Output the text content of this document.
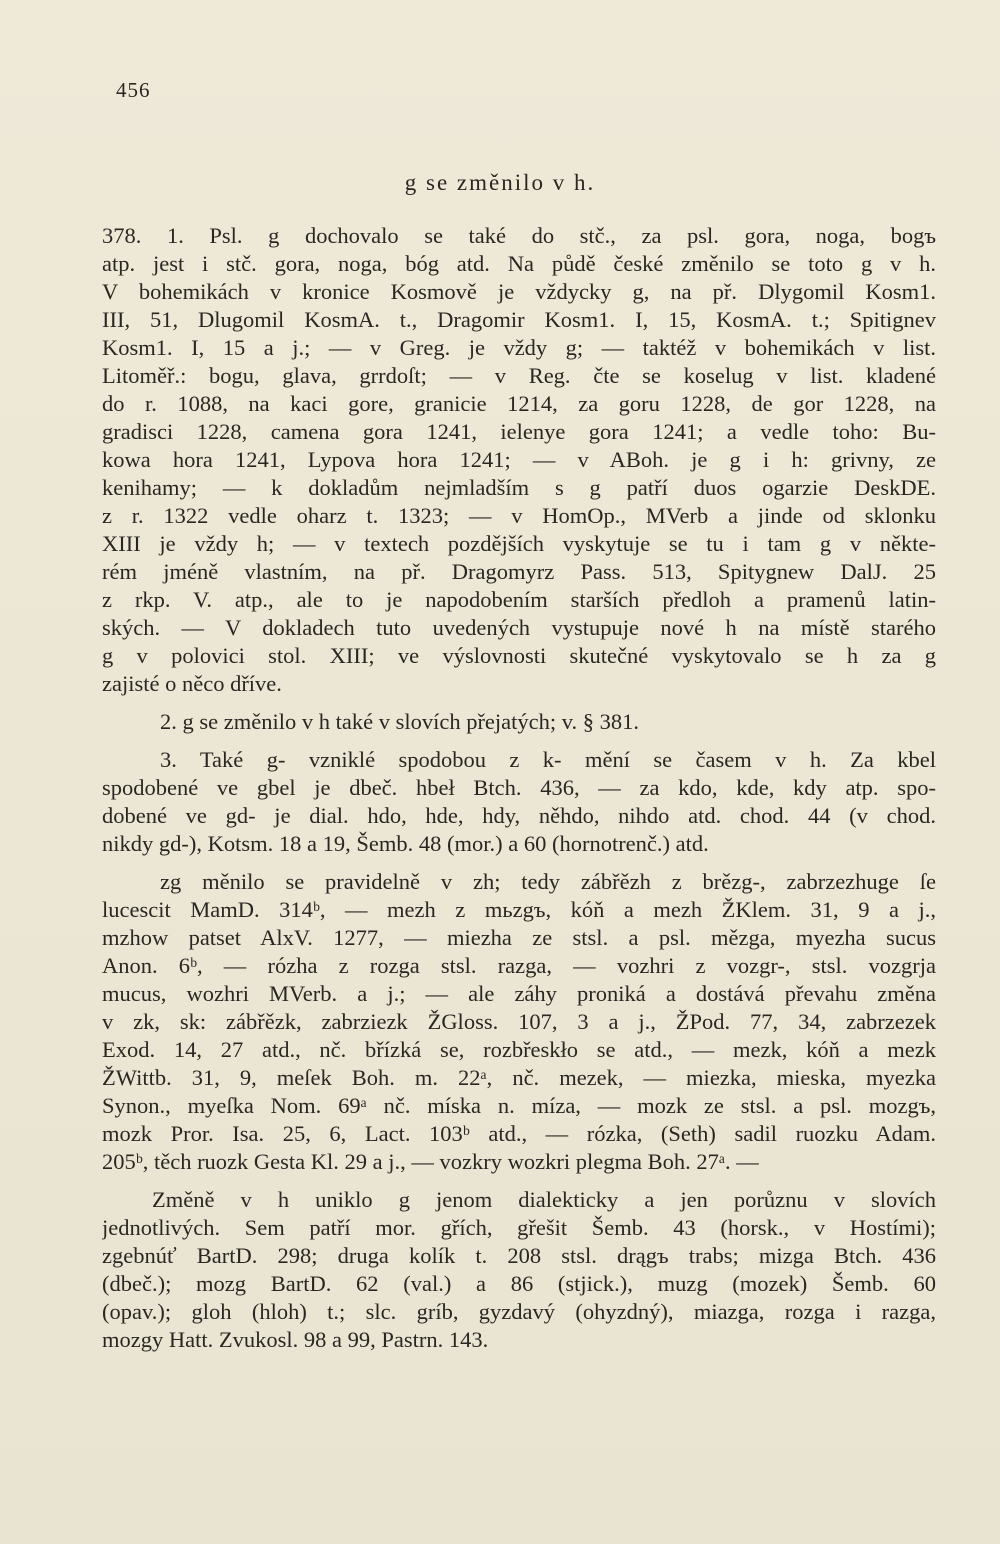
456
g se změnilo v h.
378. 1. Psl. g dochovalo se také do stč., za psl. gora, noga, bogъ
atp. jest i stč. gora, noga, bóg atd. Na půdě české změnilo se toto g v h.
V bohemikách v kronice Kosmově je vždycky g, na př. Dlygomil Kosm1.
III, 51, Dlugomil KosmA. t., Dragomir Kosm1. I, 15, KosmA. t.; Spitignev
Kosm1. I, 15 a j.; — v Greg. je vždy g; — taktéž v bohemikách v list.
Litoměř.: bogu, glava, grrdoſt; — v Reg. čte se koselug v list. kladené
do r. 1088, na kaci gore, granicie 1214, za goru 1228, de gor 1228, na
gradisci 1228, camena gora 1241, ielenye gora 1241; a vedle toho: Bu-
kowa hora 1241, Lypova hora 1241; — v ABoh. je g i h: grivny, ze
kenihamy; — k dokladům nejmladším s g patří duos ogarzie DeskDE.
z r. 1322 vedle oharz t. 1323; — v HomOp., MVerb a jinde od sklonku
XIII je vždy h; — v textech pozdějších vyskytuje se tu i tam g v někte-
rém jméně vlastním, na př. Dragomyrz Pass. 513, Spitygnew DalJ. 25
z rkp. V. atp., ale to je napodobením starších předloh a pramenů latin-
ských. — V dokladech tuto uvedených vystupuje nové h na místě starého
g v polovici stol. XIII; ve výslovnosti skutečné vyskytovalo se h za g
zajisté o něco dříve.
2. g se změnilo v h také v slovích přejatých; v. § 381.
3. Také g- vzniklé spodobou z k- mění se časem v h. Za kbel
spodobené ve gbel je dbeč. hbeł Btch. 436, — za kdo, kde, kdy atp. spo-
dobené ve gd- je dial. hdo, hde, hdy, něhdo, nihdo atd. chod. 44 (v chod.
nikdy gd-), Kotsm. 18 a 19, Šemb. 48 (mor.) a 60 (hornotrenč.) atd.
zg měnilo se pravidelně v zh; tedy zábřězh z brězg-, zabrzezhuge ſe
lucescit MamD. 314ᵇ, — mezh z mьzgъ, kóň a mezh ŽKlem. 31, 9 a j.,
mzhow patset AlxV. 1277, — miezha ze stsl. a psl. mězga, myezha sucus
Anon. 6ᵇ, — rózha z rozga stsl. razga, — vozhri z vozgr-, stsl. vozgrja
mucus, wozhri MVerb. a j.; — ale záhy proniká a dostává převahu změna
v zk, sk: zábřězk, zabrziezk ŽGloss. 107, 3 a j., ŽPod. 77, 34, zabrzezek
Exod. 14, 27 atd., nč. břízká se, rozbřeskło se atd., — mezk, kóň a mezk
ŽWittb. 31, 9, meſek Boh. m. 22ᵃ, nč. mezek, — miezka, mieska, myezka
Synon., myeſka Nom. 69ᵃ nč. míska n. míza, — mozk ze stsl. a psl. mozgъ,
mozk Pror. Isa. 25, 6, Lact. 103ᵇ atd., — rózka, (Seth) sadil ruozku Adam.
205ᵇ, těch ruozk Gesta Kl. 29 a j., — vozkry wozkri plegma Boh. 27ᵃ. —
Změně v h uniklo g jenom dialekticky a jen porůznu v slovích
jednotlivých. Sem patří mor. gřích, gřešit Šemb. 43 (horsk., v Hostími);
zgebnúť BartD. 298; druga kolík t. 208 stsl. drągъ trabs; mizga Btch. 436
(dbeč.); mozg BartD. 62 (val.) a 86 (stjick.), muzg (mozek) Šemb. 60
(opav.); gloh (hloh) t.; slc. gríb, gyzdavý (ohyzdný), miazga, rozga i razga,
mozgy Hatt. Zvukosl. 98 a 99, Pastrn. 143.
